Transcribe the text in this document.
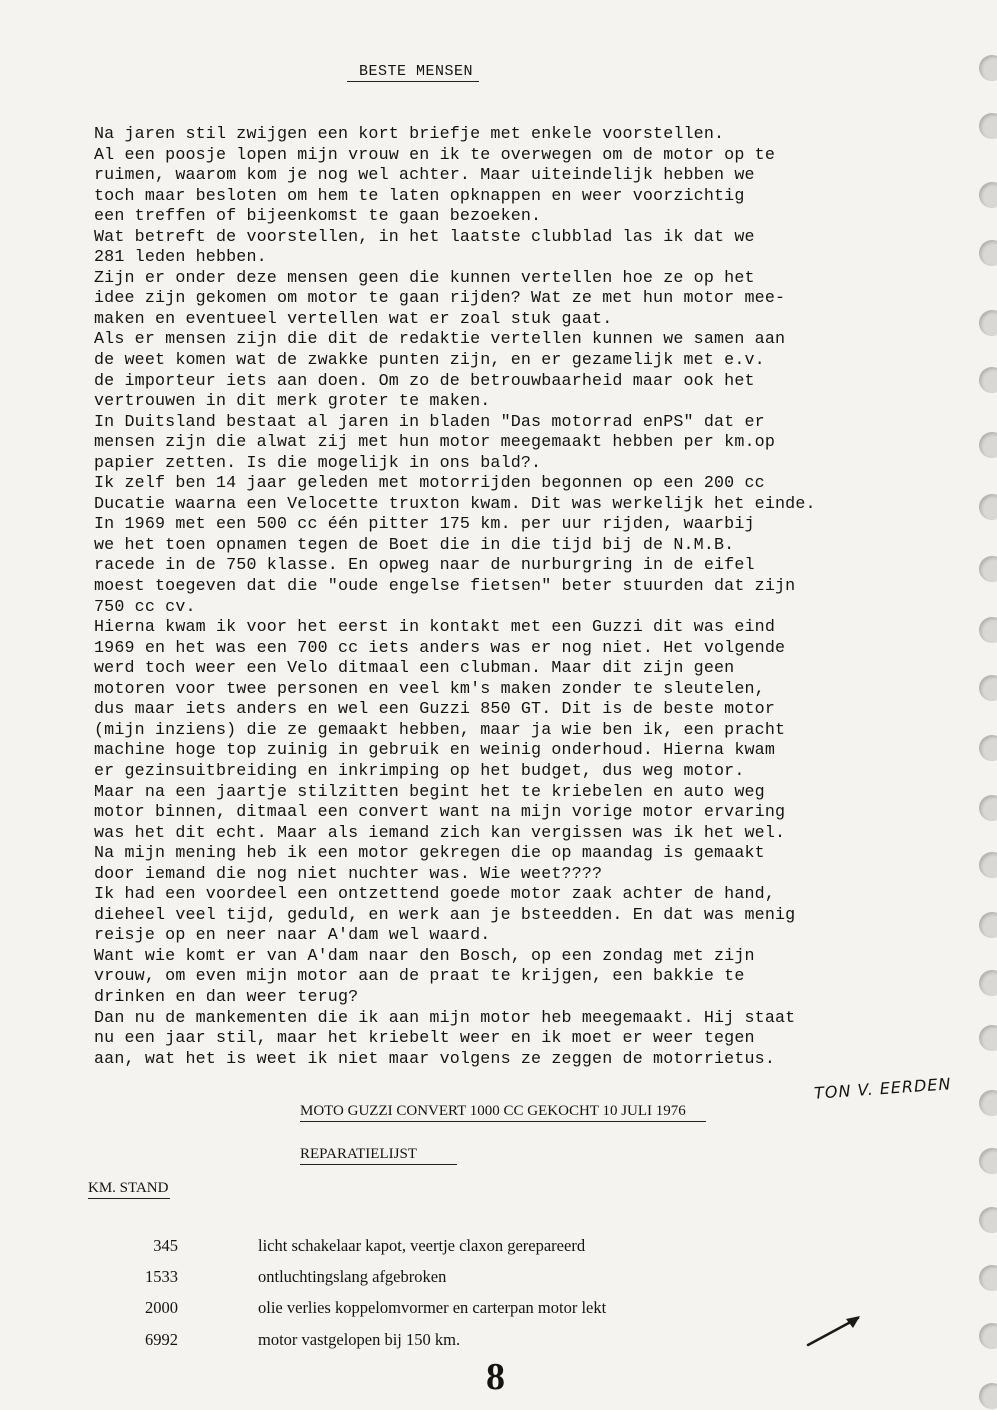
BESTE MENSEN
Na jaren stil zwijgen een kort briefje met enkele voorstellen.
Al een poosje lopen mijn vrouw en ik te overwegen om de motor op te
ruimen, waarom kom je nog wel achter. Maar uiteindelijk hebben we
toch maar besloten om hem te laten opknappen en weer voorzichtig
een treffen of bijeenkomst te gaan bezoeken.
Wat betreft de voorstellen, in het laatste clubblad las ik dat we
281 leden hebben.
Zijn er onder deze mensen geen die kunnen vertellen hoe ze op het
idee zijn gekomen om motor te gaan rijden? Wat ze met hun motor mee-
maken en eventueel vertellen wat er zoal stuk gaat.
Als er mensen zijn die dit de redaktie vertellen kunnen we samen aan
de weet komen wat de zwakke punten zijn, en er gezamelijk met e.v.
de importeur iets aan doen. Om zo de betrouwbaarheid maar ook het
vertrouwen in dit merk groter te maken.
In Duitsland bestaat al jaren in bladen "Das motorrad enPS" dat er
mensen zijn die alwat zij met hun motor meegemaakt hebben per km.op
papier zetten. Is die mogelijk in ons bald?.
Ik zelf ben 14 jaar geleden met motorrijden begonnen op een 200 cc
Ducatie waarna een Velocette truxton kwam. Dit was werkelijk het einde.
In 1969 met een 500 cc één pitter 175 km. per uur rijden, waarbij
we het toen opnamen tegen de Boet die in die tijd bij de N.M.B.
racede in de 750 klasse. En opweg naar de nurburgring in de eifel
moest toegeven dat die "oude engelse fietsen" beter stuurden dat zijn
750 cc cv.
Hierna kwam ik voor het eerst in kontakt met een Guzzi dit was eind
1969 en het was een 700 cc iets anders was er nog niet. Het volgende
werd toch weer een Velo ditmaal een clubman. Maar dit zijn geen
motoren voor twee personen en veel km's maken zonder te sleutelen,
dus maar iets anders en wel een Guzzi 850 GT. Dit is de beste motor
(mijn inziens) die ze gemaakt hebben, maar ja wie ben ik, een pracht
machine hoge top zuinig in gebruik en weinig onderhoud. Hierna kwam
er gezinsuitbreiding en inkrimping op het budget, dus weg motor.
Maar na een jaartje stilzitten begint het te kriebelen en auto weg
motor binnen, ditmaal een convert want na mijn vorige motor ervaring
was het dit echt. Maar als iemand zich kan vergissen was ik het wel.
Na mijn mening heb ik een motor gekregen die op maandag is gemaakt
door iemand die nog niet nuchter was. Wie weet????
Ik had een voordeel een ontzettend goede motor zaak achter de hand,
dieheel veel tijd, geduld, en werk aan je bsteedden. En dat was menig
reisje op en neer naar A'dam wel waard.
Want wie komt er van A'dam naar den Bosch, op een zondag met zijn
vrouw, om even mijn motor aan de praat te krijgen, een bakkie te
drinken en dan weer terug?
Dan nu de mankementen die ik aan mijn motor heb meegemaakt. Hij staat
nu een jaar stil, maar het kriebelt weer en ik moet er weer tegen
aan, wat het is weet ik niet maar volgens ze zeggen de motorrietus.
TON V. EERDEN
MOTO GUZZI CONVERT 1000 CC GEKOCHT 10 JULI 1976
REPARATIELIJST
KM. STAND
345	licht schakelaar kapot, veertje claxon gerepareerd
1533	ontluchtingslang afgebroken
2000	olie verlies koppelomvormer en carterpan motor lekt
6992	motor vastgelopen bij 150 km.
8
